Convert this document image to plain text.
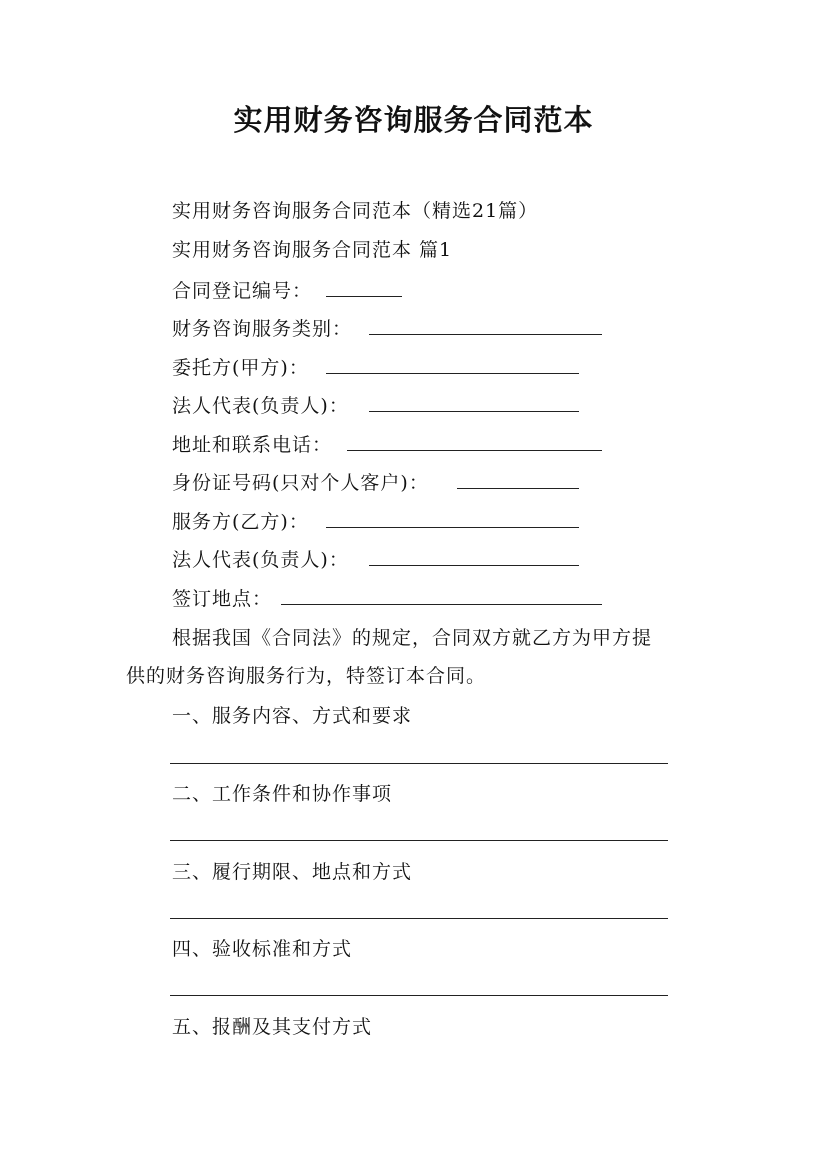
实用财务咨询服务合同范本
实用财务咨询服务合同范本（精选21篇）
实用财务咨询服务合同范本 篇1
合同登记编号：
财务咨询服务类别：
委托方(甲方)：
法人代表(负责人)：
地址和联系电话：
身份证号码(只对个人客户)：
服务方(乙方)：
法人代表(负责人)：
签订地点：
根据我国《合同法》的规定，合同双方就乙方为甲方提
供的财务咨询服务行为，特签订本合同。
一、服务内容、方式和要求
二、工作条件和协作事项
三、履行期限、地点和方式
四、验收标准和方式
五、报酬及其支付方式
